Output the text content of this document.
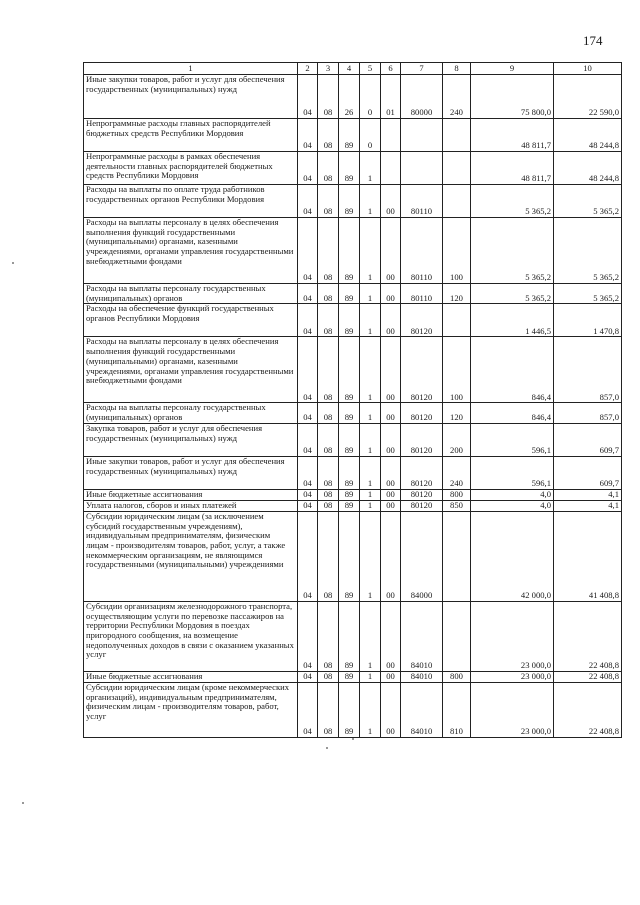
174
1	2	3	4	5	6	7	8	9	10
Иные закупки товаров, работ и услуг для обеспечения государственных (муниципальных) нужд	04	08	26	0	01	80000	240	75 800,0	22 590,0
Непрограммные расходы главных распорядителей бюджетных средств Республики Мордовия	04	08	89	0				48 811,7	48 244,8
Непрограммные расходы в рамках обеспечения деятельности главных распорядителей бюджетных средств Республики Мордовия	04	08	89	1				48 811,7	48 244,8
Расходы на выплаты по оплате труда работников государственных органов Республики Мордовия	04	08	89	1	00	80110		5 365,2	5 365,2
Расходы на выплаты персоналу в целях обеспечения выполнения функций государственными (муниципальными) органами, казенными учреждениями, органами управления государственными внебюджетными фондами	04	08	89	1	00	80110	100	5 365,2	5 365,2
Расходы на выплаты персоналу государственных (муниципальных) органов	04	08	89	1	00	80110	120	5 365,2	5 365,2
Расходы на обеспечение функций государственных органов Республики Мордовия	04	08	89	1	00	80120		1 446,5	1 470,8
Расходы на выплаты персоналу в целях обеспечения выполнения функций государственными (муниципальными) органами, казенными учреждениями, органами управления государственными внебюджетными фондами	04	08	89	1	00	80120	100	846,4	857,0
Расходы на выплаты персоналу государственных (муниципальных) органов	04	08	89	1	00	80120	120	846,4	857,0
Закупка товаров, работ и услуг для обеспечения государственных (муниципальных) нужд	04	08	89	1	00	80120	200	596,1	609,7
Иные закупки товаров, работ и услуг для обеспечения государственных (муниципальных) нужд	04	08	89	1	00	80120	240	596,1	609,7
Иные бюджетные ассигнования	04	08	89	1	00	80120	800	4,0	4,1
Уплата налогов, сборов и иных платежей	04	08	89	1	00	80120	850	4,0	4,1
Субсидии юридическим лицам (за исключением субсидий государственным учреждениям), индивидуальным предпринимателям, физическим лицам - производителям товаров, работ, услуг, а также некоммерческим организациям, не являющимся государственными (муниципальными) учреждениями	04	08	89	1	00	84000		42 000,0	41 408,8
Субсидии организациям железнодорожного транспорта, осуществляющим услуги по перевозке пассажиров на территории Республики Мордовия в поездах пригородного сообщения, на возмещение недополученных доходов в связи с оказанием указанных услуг	04	08	89	1	00	84010		23 000,0	22 408,8
Иные бюджетные ассигнования	04	08	89	1	00	84010	800	23 000,0	22 408,8
Субсидии юридическим лицам (кроме некоммерческих организаций), индивидуальным предпринимателям, физическим лицам - производителям товаров, работ, услуг	04	08	89	1	00	84010	810	23 000,0	22 408,8
